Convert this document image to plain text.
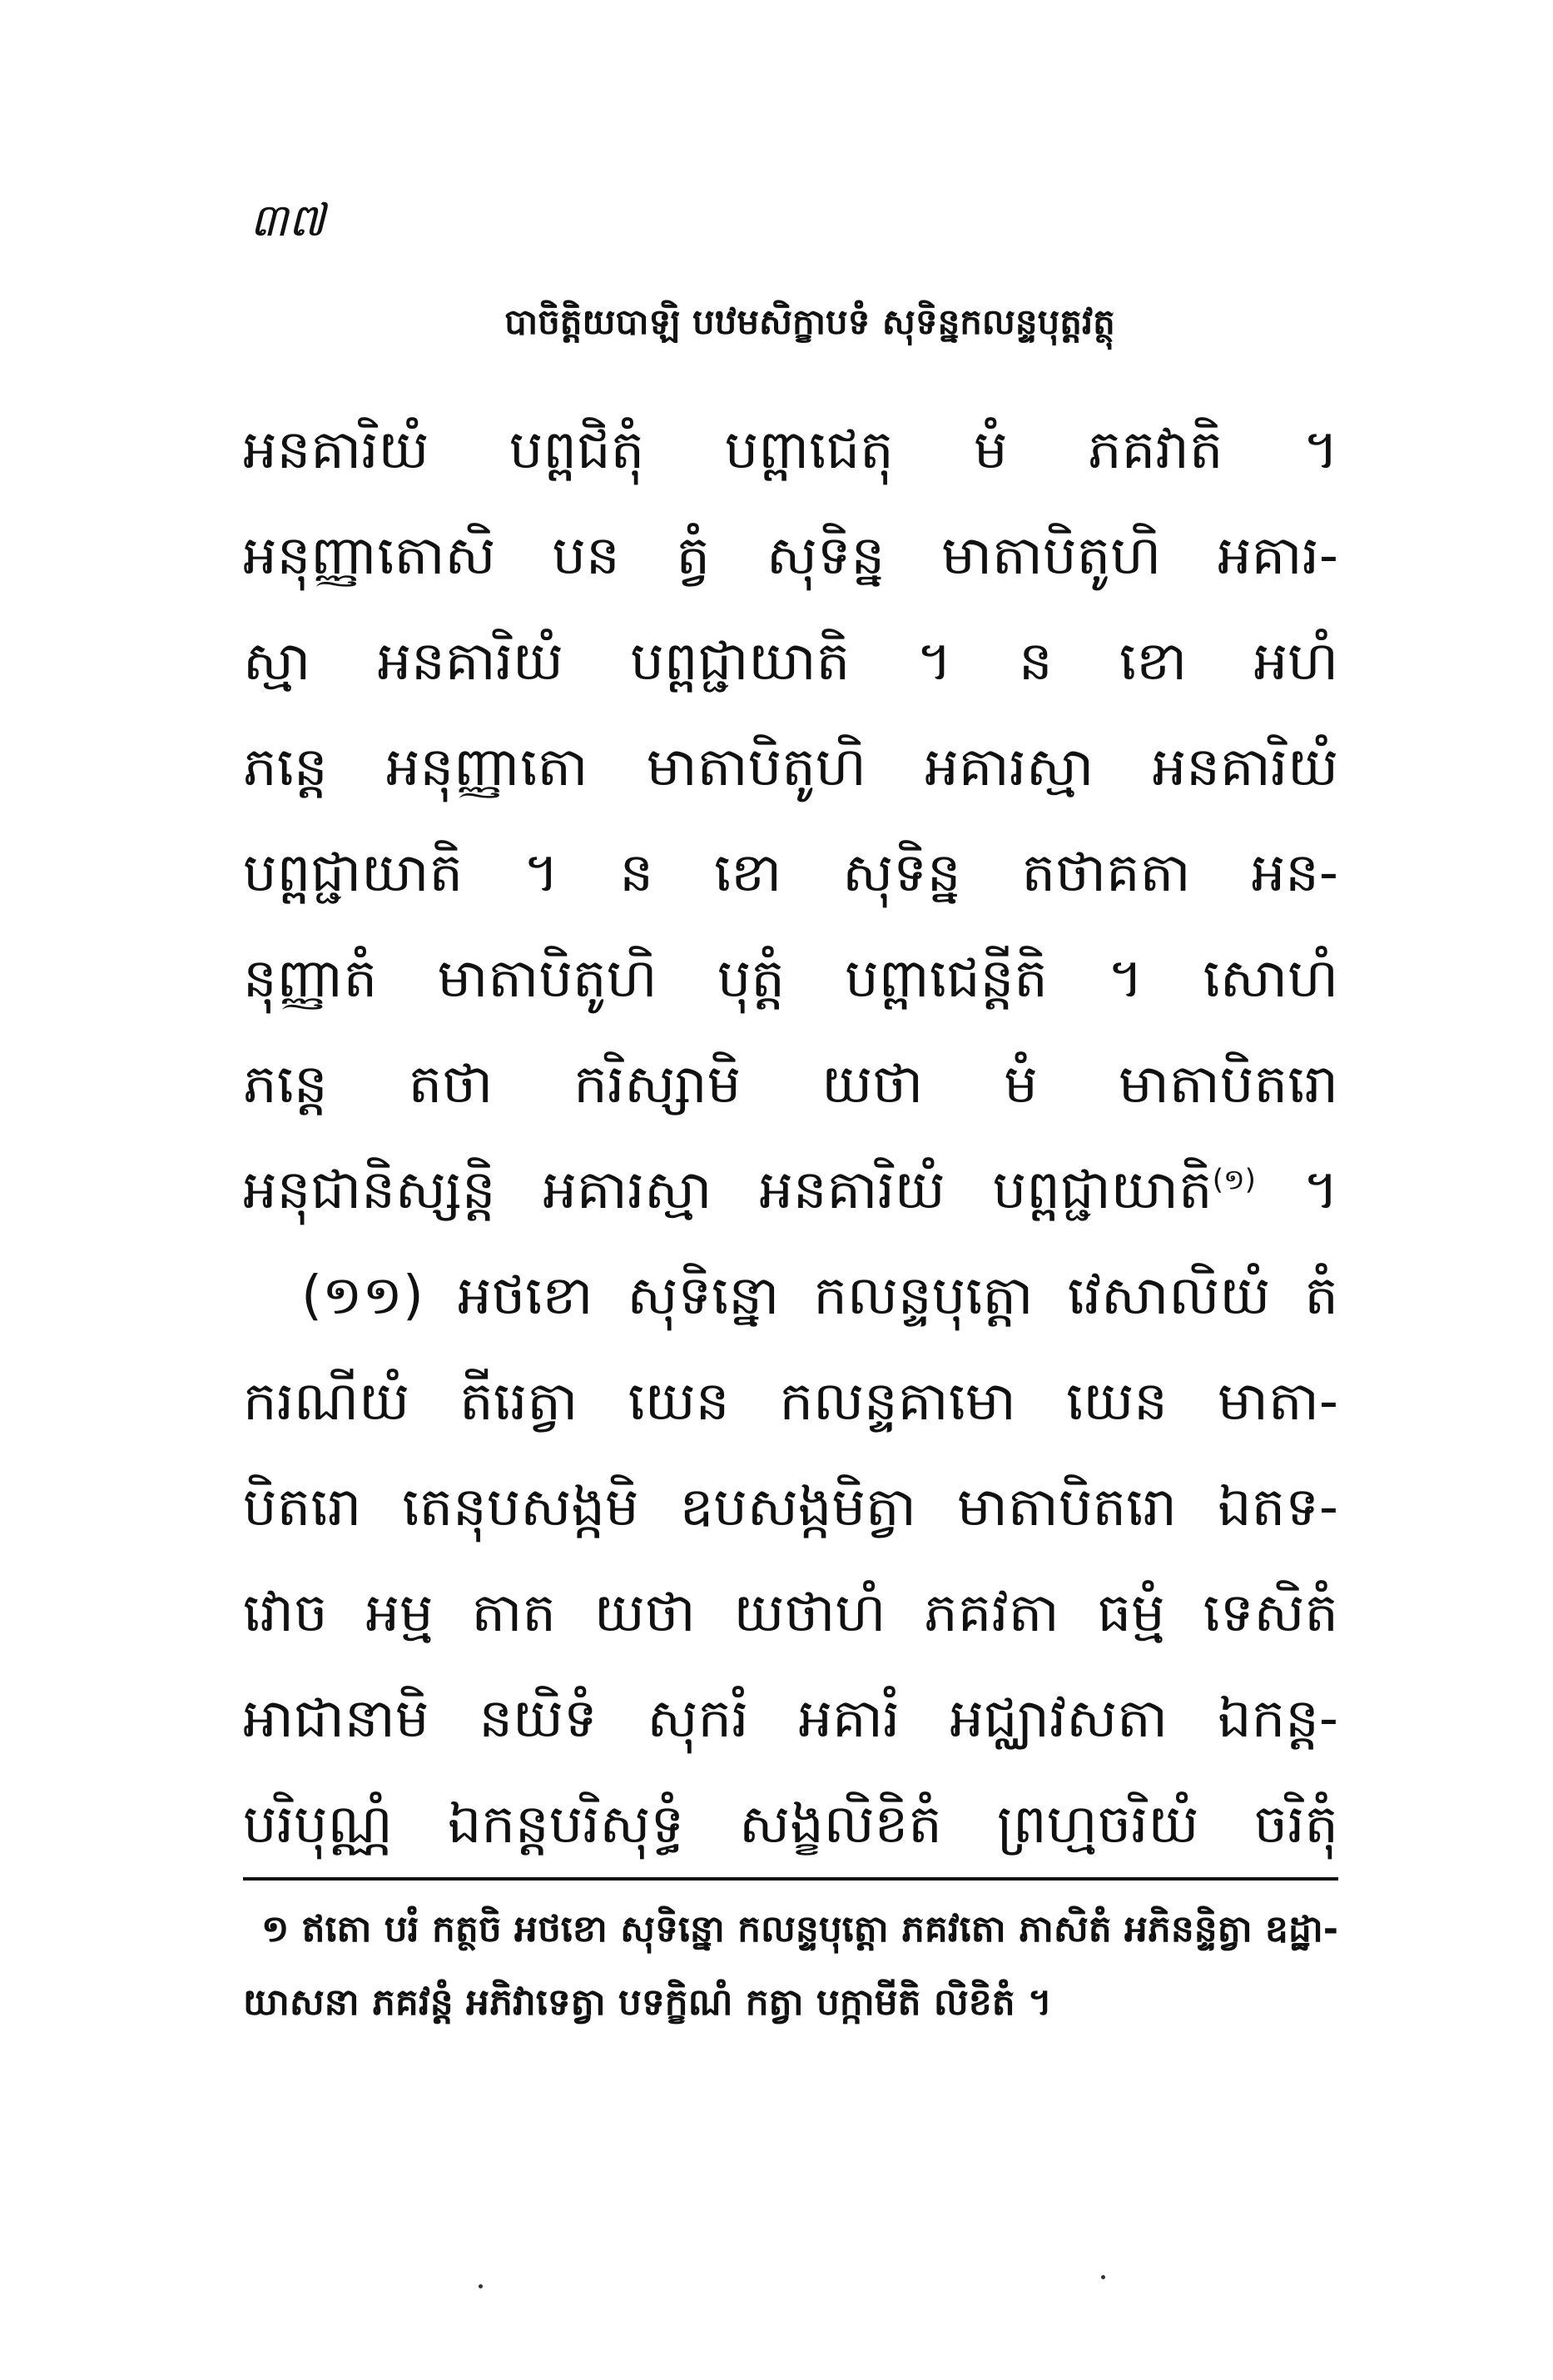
៣៧
បាចិត្តិយបាឡិ បឋមសិក្ខាបទំ សុទិន្នកលន្ទបុត្តវត្ថុ
អនគារិយំ បព្ពជិតុំ បព្ពាជេតុ មំ ភគវាតិ ។
អនុញ្ញាតោសិ បន ត្វំ សុទិន្ន មាតាបិតូហិ អគារ-
ស្មា អនគារិយំ បព្ពជ្ជាយាតិ ។ ន ខោ អហំ
ភន្តេ អនុញ្ញាតោ មាតាបិតូហិ អគារស្មា អនគារិយំ
បព្ពជ្ជាយាតិ ។ ន ខោ សុទិន្ន តថាគតា អន-
នុញ្ញាតំ មាតាបិតូហិ បុត្តំ បព្ពាជេន្តីតិ ។ សោហំ
ភន្តេ តថា ករិស្សាមិ យថា មំ មាតាបិតរោ
អនុជានិស្សន្តិ អគារស្មា អនគារិយំ បព្ពជ្ជាយាតិ$^{(១)}$ ។
(១១) អថខោ សុទិន្នោ កលន្ទបុត្តោ វេសាលិយំ តំ
ករណីយំ តីរេត្វា យេន កលន្ទគាមោ យេន មាតា-
បិតរោ តេនុបសង្កមិ ឧបសង្កមិត្វា មាតាបិតរោ ឯតទ-
វោច អម្ម តាត យថា យថាហំ ភគវតា ធម្មំ ទេសិតំ
អាជានាមិ នយិទំ សុករំ អគារំ អជ្ឈាវសតា ឯកន្ត-
បរិបុណ្ណំ ឯកន្តបរិសុទ្ធំ សង្ខលិខិតំ ព្រហ្មចរិយំ ចរិតុំ
១ ឥតោ បរំ កត្ថចិ អថខោ សុទិន្នោ កលន្ទបុត្តោ ភគវតោ ភាសិតំ អភិនន្ទិត្វា ឧដ្ឋា-
យាសនា ភគវន្តំ អភិវាទេត្វា បទក្ខិណំ កត្វា បក្កាមីតិ លិខិតំ ។
